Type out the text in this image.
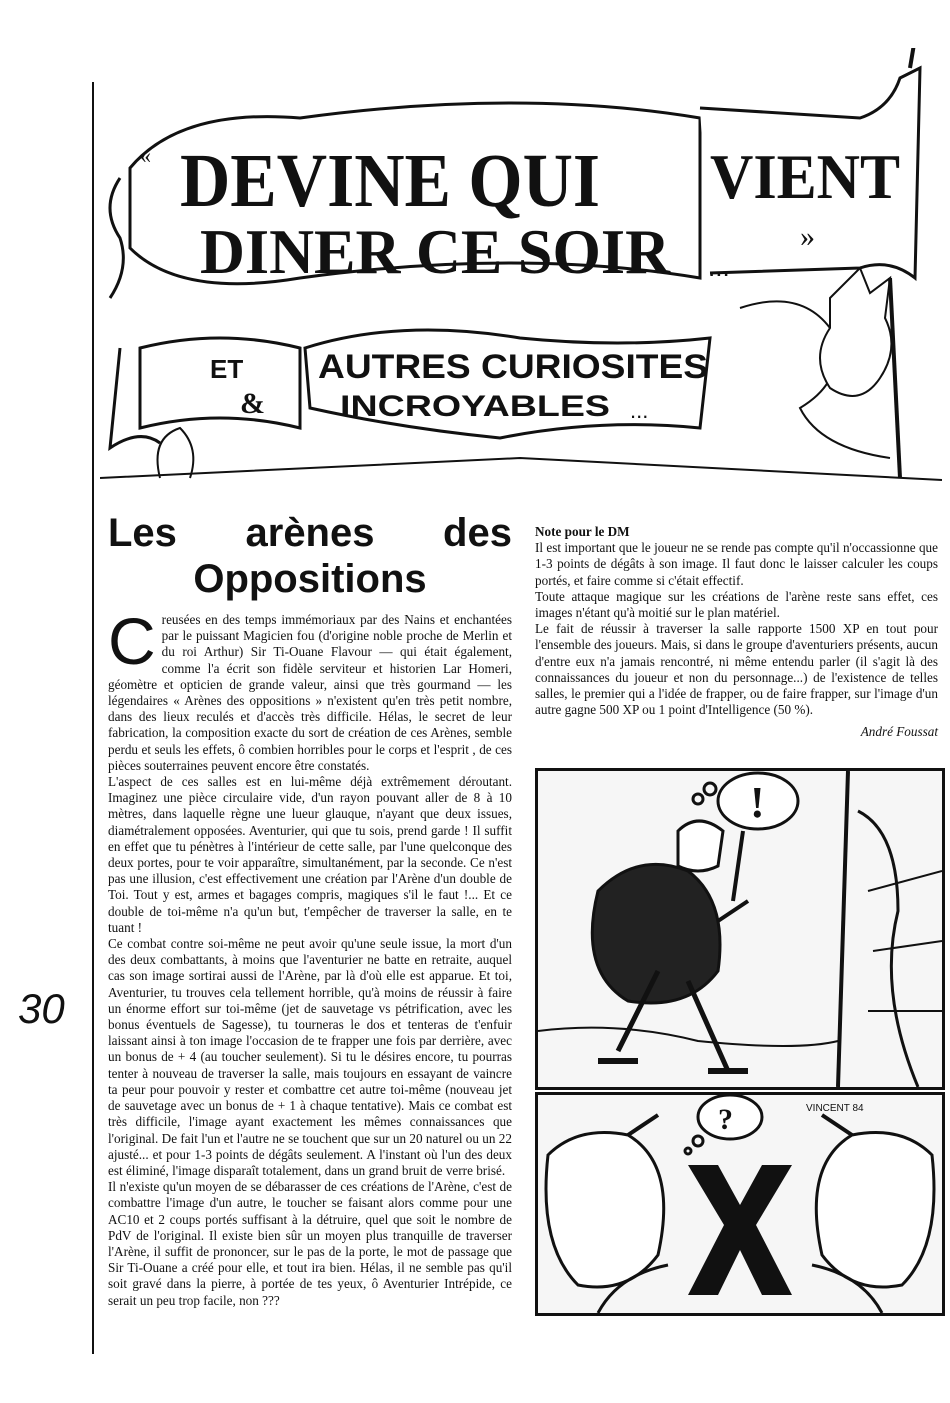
« DEVINE QUI VIENT
DINER CE SOIR ...
»
ET
&
AUTRES CURIOSITES
INCROYABLES ...
30
Les arènes des
Oppositions

Creusées en des temps immémoriaux par des Nains et enchantées par le puissant Magicien fou (d'origine noble proche de Merlin et du roi Arthur) Sir Ti-Ouane Flavour — qui était également, comme l'a écrit son fidèle serviteur et historien Lar Homeri, géomètre et opticien de grande valeur, ainsi que très gourmand — les légendaires « Arènes des oppositions » n'existent qu'en très petit nombre, dans des lieux reculés et d'accès très difficile. Hélas, le secret de leur fabrication, la composition exacte du sort de création de ces Arènes, semble perdu et seuls les effets, ô combien horribles pour le corps et l'esprit , de ces pièces souterraines peuvent encore être constatés.

L'aspect de ces salles est en lui-même déjà extrêmement déroutant. Imaginez une pièce circulaire vide, d'un rayon pouvant aller de 8 à 10 mètres, dans laquelle règne une lueur glauque, n'ayant que deux issues, diamétralement opposées. Aventurier, qui que tu sois, prend garde ! Il suffit en effet que tu pénètres à l'intérieur de cette salle, par l'une quelconque des deux portes, pour te voir apparaître, simultanément, par la seconde. Ce n'est pas une illusion, c'est effectivement une création par l'Arène d'un double de Toi. Tout y est, armes et bagages compris, magiques s'il le faut !... Et ce double de toi-même n'a qu'un but, t'empêcher de traverser la salle, en te tuant !

Ce combat contre soi-même ne peut avoir qu'une seule issue, la mort d'un des deux combattants, à moins que l'aventurier ne batte en retraite, auquel cas son image sortirai aussi de l'Arène, par là d'où elle est apparue. Et toi, Aventurier, tu trouves cela tellement horrible, qu'à moins de réussir à faire un énorme effort sur toi-même (jet de sauvetage vs pétrification, avec les bonus éventuels de Sagesse), tu tourneras le dos et tenteras de t'enfuir laissant ainsi à ton image l'occasion de te frapper une fois par derrière, avec un bonus de + 4 (au toucher seulement). Si tu le désires encore, tu pourras tenter à nouveau de traverser la salle, mais toujours en essayant de vaincre ta peur pour pouvoir y rester et combattre cet autre toi-même (nouveau jet de sauvetage avec un bonus de + 1 à chaque tentative). Mais ce combat est très difficile, l'image ayant exactement les mêmes connaissances que l'original. De fait l'un et l'autre ne se touchent que sur un 20 naturel ou un 22 ajusté... et pour 1-3 points de dégâts seulement. A l'instant où l'un des deux est éliminé, l'image disparaît totalement, dans un grand bruit de verre brisé.

Il n'existe qu'un moyen de se débarasser de ces créations de l'Arène, c'est de combattre l'image d'un autre, le toucher se faisant alors comme pour une AC10 et 2 coups portés suffisant à la détruire, quel que soit le nombre de PdV de l'original. Il existe bien sûr un moyen plus tranquille de traverser l'Arène, il suffit de prononcer, sur le pas de la porte, le mot de passage que Sir Ti-Ouane a créé pour elle, et tout ira bien. Hélas, il ne semble pas qu'il soit gravé dans la pierre, à portée de tes yeux, ô Aventurier Intrépide, ce serait un peu trop facile, non ???

Note pour le DM

Il est important que le joueur ne se rende pas compte qu'il n'occassionne que 1-3 points de dégâts à son image. Il faut donc le laisser calculer les coups portés, et faire comme si c'était effectif.

Toute attaque magique sur les créations de l'arène reste sans effet, ces images n'étant qu'à moitié sur le plan matériel.

Le fait de réussir à traverser la salle rapporte 1500 XP en tout pour l'ensemble des joueurs. Mais, si dans le groupe d'aventuriers présents, aucun d'entre eux n'a jamais rencontré, ni même entendu parler (il s'agit là des connaissances du joueur et non du personnage...) de l'existence de telles salles, le premier qui a l'idée de frapper, ou de faire frapper, sur l'image d'un autre gagne 500 XP ou 1 point d'Intelligence (50 %).

André Foussat

!
?	VINCENT 84
